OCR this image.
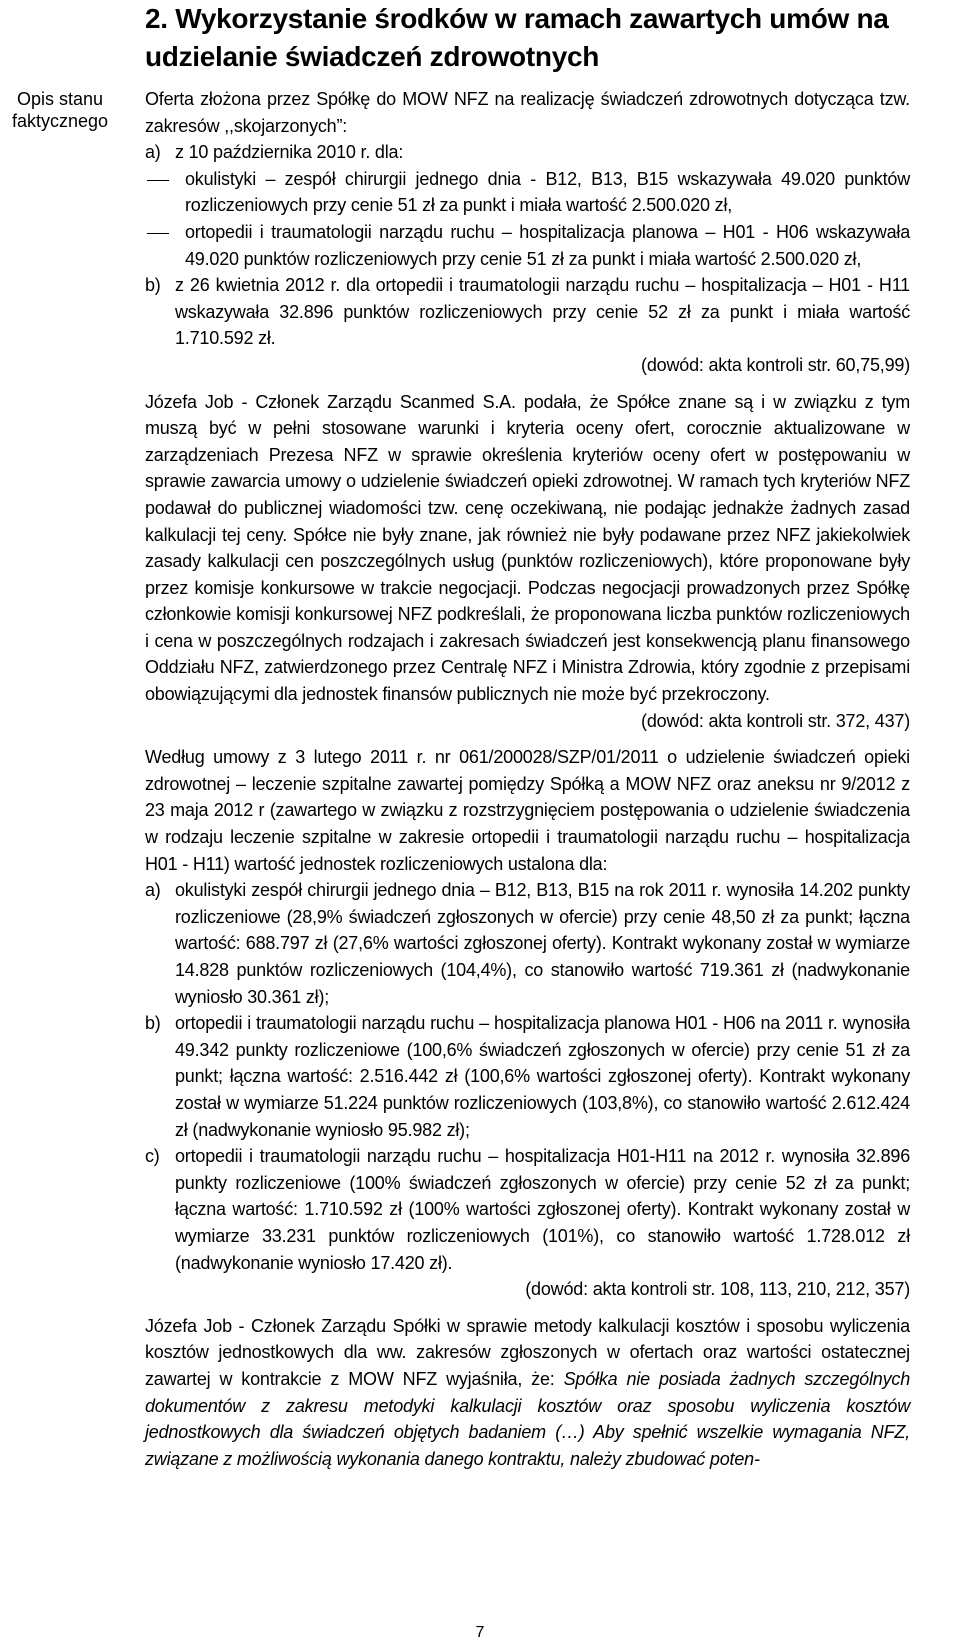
2. Wykorzystanie środków w ramach zawartych umów na udzielanie świadczeń zdrowotnych
Opis stanu faktycznego

Oferta złożona przez Spółkę do MOW NFZ na realizację świadczeń zdrowotnych dotycząca tzw. zakresów ,,skojarzonych”:

a) z 10 października 2010 r. dla:
okulistyki – zespół chirurgii jednego dnia - B12, B13, B15 wskazywała 49.020 punktów rozliczeniowych przy cenie 51 zł za punkt i miała wartość 2.500.020 zł,
ortopedii i traumatologii narządu ruchu – hospitalizacja planowa – H01 - H06 wskazywała 49.020 punktów rozliczeniowych przy cenie 51 zł za punkt i miała wartość 2.500.020 zł,
b) z 26 kwietnia 2012 r. dla ortopedii i traumatologii narządu ruchu – hospitalizacja – H01 - H11 wskazywała 32.896 punktów rozliczeniowych przy cenie 52 zł za punkt i miała wartość 1.710.592 zł.

(dowód: akta kontroli str. 60,75,99)

Józefa Job - Członek Zarządu Scanmed S.A. podała, że Spółce znane są i w związku z tym muszą być w pełni stosowane warunki i kryteria oceny ofert, corocznie aktualizowane w zarządzeniach Prezesa NFZ w sprawie określenia kryteriów oceny ofert w postępowaniu w sprawie zawarcia umowy o udzielenie świadczeń opieki zdrowotnej. W ramach tych kryteriów NFZ podawał do publicznej wiadomości tzw. cenę oczekiwaną, nie podając jednakże żadnych zasad kalkulacji tej ceny. Spółce nie były znane, jak również nie były podawane przez NFZ jakiekolwiek zasady kalkulacji cen poszczególnych usług (punktów rozliczeniowych), które proponowane były przez komisje konkursowe w trakcie negocjacji. Podczas negocjacji prowadzonych przez Spółkę członkowie komisji konkursowej NFZ podkreślali, że proponowana liczba punktów rozliczeniowych i cena w poszczególnych rodzajach i zakresach świadczeń jest konsekwencją planu finansowego Oddziału NFZ, zatwierdzonego przez Centralę NFZ i Ministra Zdrowia, który zgodnie z przepisami obowiązującymi dla jednostek finansów publicznych nie może być przekroczony.

(dowód: akta kontroli str. 372, 437)

Według umowy z 3 lutego 2011 r. nr 061/200028/SZP/01/2011 o udzielenie świadczeń opieki zdrowotnej – leczenie szpitalne zawartej pomiędzy Spółką a MOW NFZ oraz aneksu nr 9/2012 z 23 maja 2012 r (zawartego w związku z rozstrzygnięciem postępowania o udzielenie świadczenia w rodzaju leczenie szpitalne w zakresie ortopedii i traumatologii narządu ruchu – hospitalizacja H01 - H11) wartość jednostek rozliczeniowych ustalona dla:

a) okulistyki zespół chirurgii jednego dnia – B12, B13, B15 na rok 2011 r. wynosiła 14.202 punkty rozliczeniowe (28,9% świadczeń zgłoszonych w ofercie) przy cenie 48,50 zł za punkt; łączna wartość: 688.797 zł (27,6% wartości zgłoszonej oferty). Kontrakt wykonany został w wymiarze 14.828 punktów rozliczeniowych (104,4%), co stanowiło wartość 719.361 zł (nadwykonanie wyniosło 30.361 zł);
b) ortopedii i traumatologii narządu ruchu – hospitalizacja planowa H01 - H06 na 2011 r. wynosiła 49.342 punkty rozliczeniowe (100,6% świadczeń zgłoszonych w ofercie) przy cenie 51 zł za punkt; łączna wartość: 2.516.442 zł (100,6% wartości zgłoszonej oferty). Kontrakt wykonany został w wymiarze 51.224 punktów rozliczeniowych (103,8%), co stanowiło wartość 2.612.424 zł (nadwykonanie wyniosło 95.982 zł);
c) ortopedii i traumatologii narządu ruchu – hospitalizacja H01-H11 na 2012 r. wynosiła 32.896 punkty rozliczeniowe (100% świadczeń zgłoszonych w ofercie) przy cenie 52 zł za punkt; łączna wartość: 1.710.592 zł (100% wartości zgłoszonej oferty). Kontrakt wykonany został w wymiarze 33.231 punktów rozliczeniowych (101%), co stanowiło wartość 1.728.012 zł (nadwykonanie wyniosło 17.420 zł).

(dowód: akta kontroli str. 108, 113, 210, 212, 357)

Józefa Job - Członek Zarządu Spółki w sprawie metody kalkulacji kosztów i sposobu wyliczenia kosztów jednostkowych dla ww. zakresów zgłoszonych w ofertach oraz wartości ostatecznej zawartej w kontrakcie z MOW NFZ wyjaśniła, że: Spółka nie posiada żadnych szczególnych dokumentów z zakresu metodyki kalkulacji kosztów oraz sposobu wyliczenia kosztów jednostkowych dla świadczeń objętych badaniem (…) Aby spełnić wszelkie wymagania NFZ, związane z możliwością wykonania danego kontraktu, należy zbudować poten-

7
